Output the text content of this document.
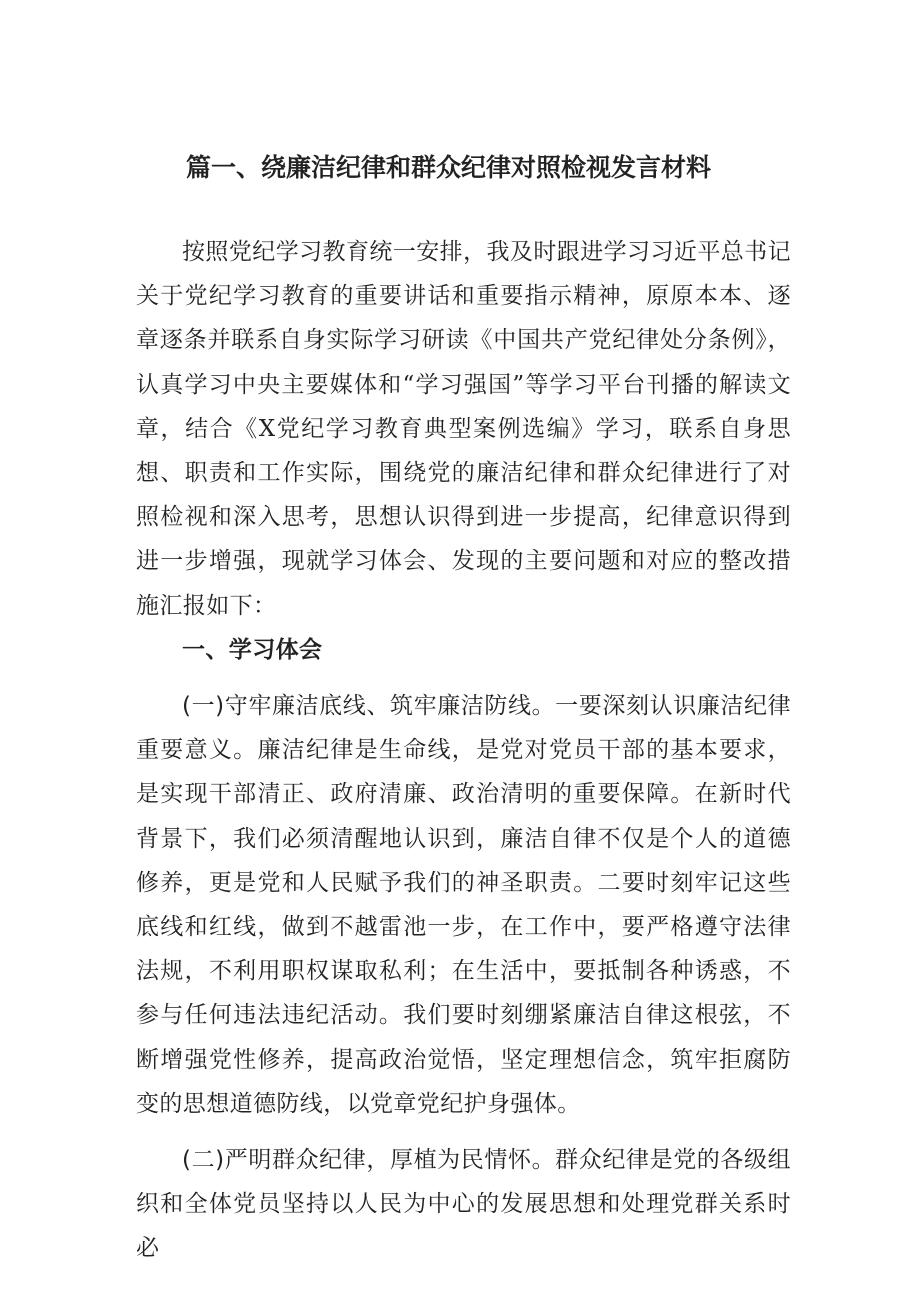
篇一、绕廉洁纪律和群众纪律对照检视发言材料

按照党纪学习教育统一安排，我及时跟进学习习近平总书记关于党纪学习教育的重要讲话和重要指示精神，原原本本、逐章逐条并联系自身实际学习研读《中国共产党纪律处分条例》，认真学习中央主要媒体和“学习强国”等学习平台刊播的解读文章，结合《X党纪学习教育典型案例选编》学习，联系自身思想、职责和工作实际，围绕党的廉洁纪律和群众纪律进行了对照检视和深入思考，思想认识得到进一步提高，纪律意识得到进一步增强，现就学习体会、发现的主要问题和对应的整改措施汇报如下：

一、学习体会

(一)守牢廉洁底线、筑牢廉洁防线。一要深刻认识廉洁纪律重要意义。廉洁纪律是生命线，是党对党员干部的基本要求，是实现干部清正、政府清廉、政治清明的重要保障。在新时代背景下，我们必须清醒地认识到，廉洁自律不仅是个人的道德修养，更是党和人民赋予我们的神圣职责。二要时刻牢记这些底线和红线，做到不越雷池一步，在工作中，要严格遵守法律法规，不利用职权谋取私利；在生活中，要抵制各种诱惑，不参与任何违法违纪活动。我们要时刻绷紧廉洁自律这根弦，不断增强党性修养，提高政治觉悟，坚定理想信念，筑牢拒腐防变的思想道德防线，以党章党纪护身强体。

(二)严明群众纪律，厚植为民情怀。群众纪律是党的各级组织和全体党员坚持以人民为中心的发展思想和处理党群关系时必
